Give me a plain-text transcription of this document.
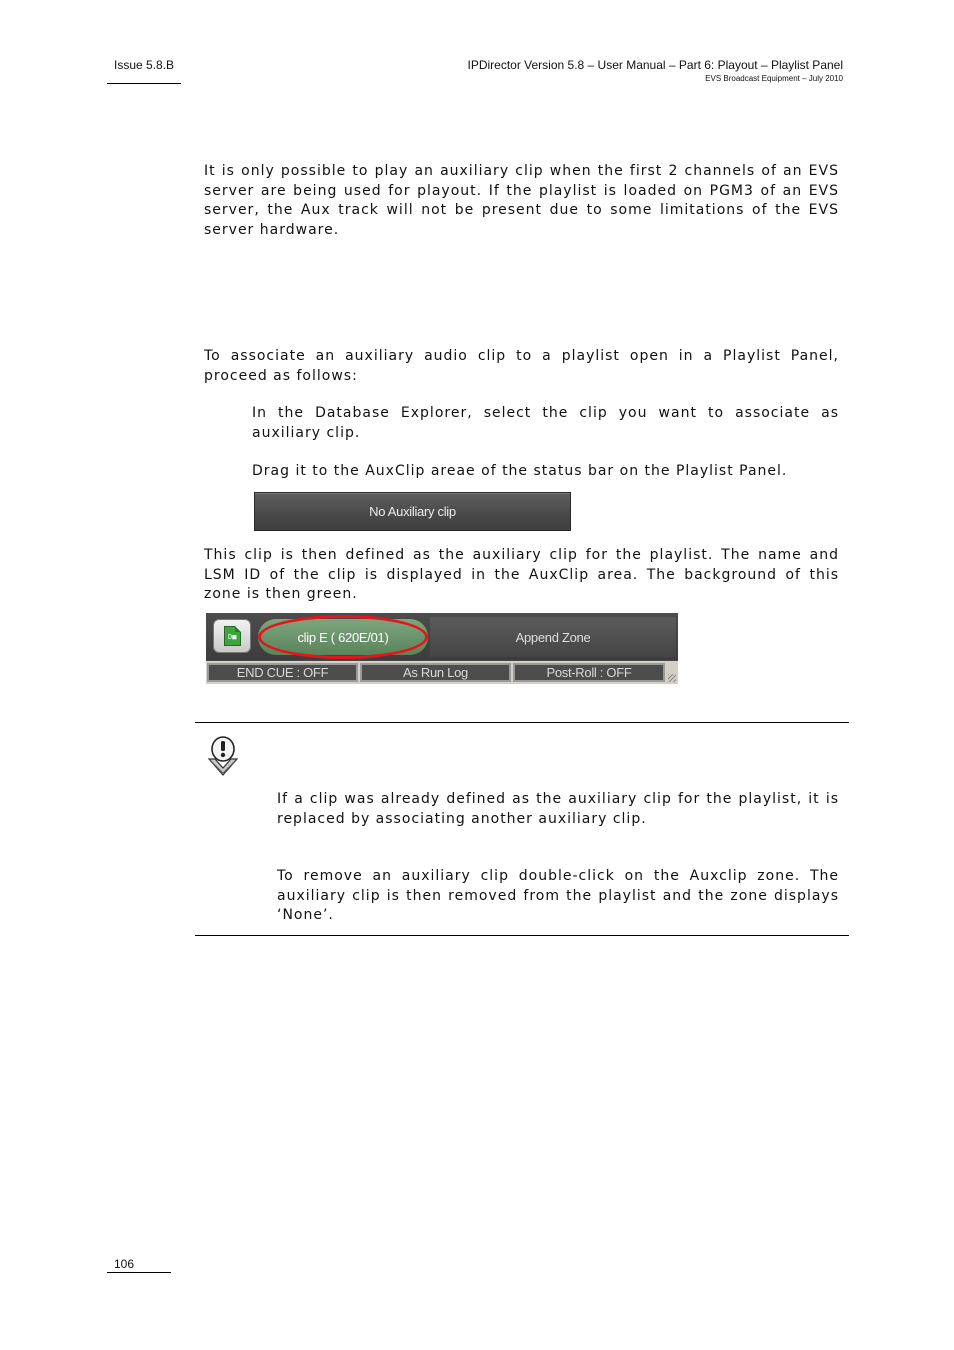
Issue 5.8.B	IPDirector Version 5.8 – User Manual – Part 6: Playout – Playlist Panel
EVS Broadcast Equipment – July 2010

It is only possible to play an auxiliary clip when the first 2 channels of an EVS server are being used for playout. If the playlist is loaded on PGM3 of an EVS server, the Aux track will not be present due to some limitations of the EVS server hardware.

To associate an auxiliary audio clip to a playlist open in a Playlist Panel, proceed as follows:

In the Database Explorer, select the clip you want to associate as auxiliary clip.

Drag it to the AuxClip areae of the status bar on the Playlist Panel.

No Auxiliary clip

This clip is then defined as the auxiliary clip for the playlist. The name and LSM ID of the clip is displayed in the AuxClip area. The background of this zone is then green.

D■	clip E ( 620E/01)	Append Zone
END CUE : OFF	As Run Log	Post-Roll : OFF

If a clip was already defined as the auxiliary clip for the playlist, it is replaced by associating another auxiliary clip.

To remove an auxiliary clip double-click on the Auxclip zone. The auxiliary clip is then removed from the playlist and the zone displays ‘None’.

106
